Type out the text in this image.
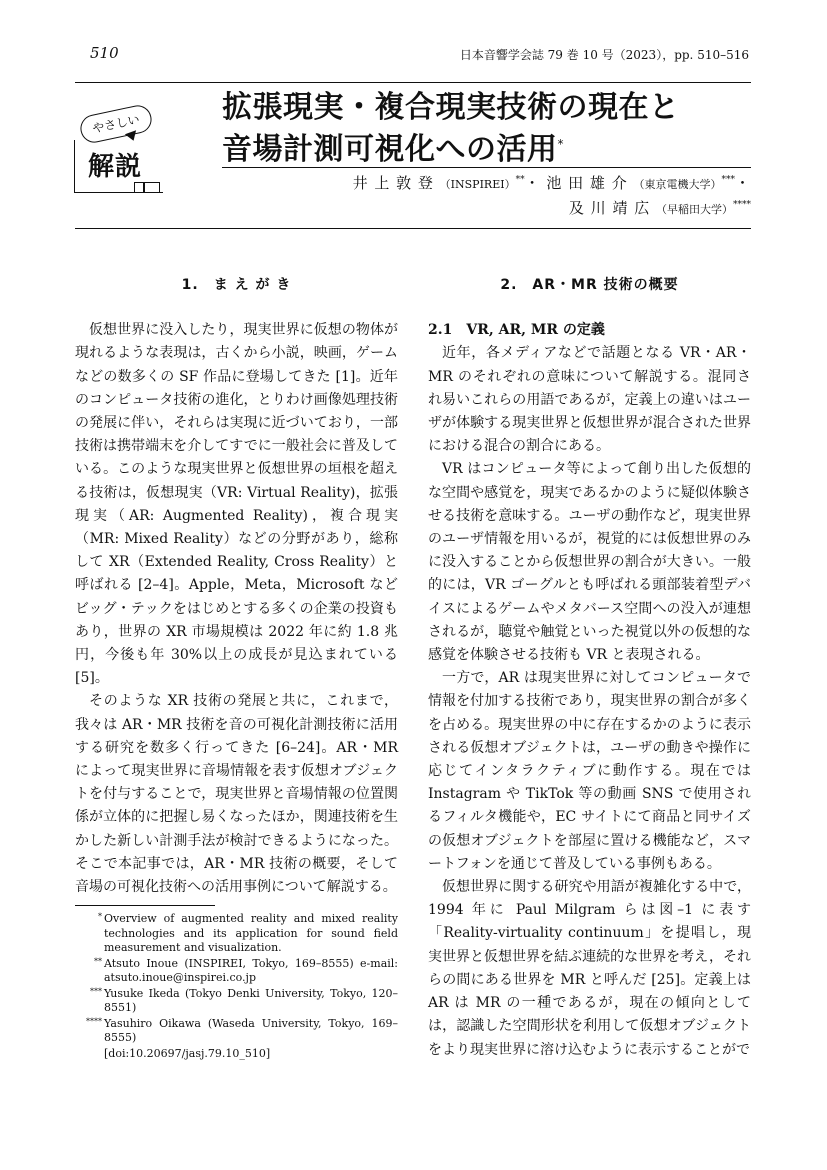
510	日本音響学会誌 79 巻 10 号（2023），pp. 510–516
やさしい
解説
拡張現実・複合現実技術の現在と
音場計測可視化への活用*
井 上 敦 登 （INSPIREI）**・ 池 田 雄 介 （東京電機大学）***・
及 川 靖 広 （早稲田大学）****
1.　ま え が き

仮想世界に没入したり，現実世界に仮想の物体が現れるような表現は，古くから小説，映画，ゲームなどの数多くの SF 作品に登場してきた [1]。近年のコンピュータ技術の進化，とりわけ画像処理技術の発展に伴い，それらは実現に近づいており，一部技術は携帯端末を介してすでに一般社会に普及している。このような現実世界と仮想世界の垣根を超える技術は，仮想現実（VR: Virtual Reality)，拡張現実（AR: Augmented Reality)，複合現実（MR: Mixed Reality）などの分野があり，総称して XR（Extended Reality, Cross Reality）と呼ばれる [2–4]。Apple，Meta，Microsoft などビッグ・テックをはじめとする多くの企業の投資もあり，世界の XR 市場規模は 2022 年に約 1.8 兆円，今後も年 30%以上の成長が見込まれている [5]。

そのような XR 技術の発展と共に，これまで，我々は AR・MR 技術を音の可視化計測技術に活用する研究を数多く行ってきた [6–24]。AR・MR によって現実世界に音場情報を表す仮想オブジェクトを付与することで，現実世界と音場情報の位置関係が立体的に把握し易くなったほか，関連技術を生かした新しい計測手法が検討できるようになった。そこで本記事では，AR・MR 技術の概要，そして音場の可視化技術への活用事例について解説する。

* Overview of augmented reality and mixed reality technologies and its application for sound field measurement and visualization.
** Atsuto Inoue (INSPIREI, Tokyo, 169–8555) e-mail: atsuto.inoue@inspirei.co.jp
*** Yusuke Ikeda (Tokyo Denki University, Tokyo, 120–8551)
**** Yasuhiro Oikawa (Waseda University, Tokyo, 169–8555)
[doi:10.20697/jasj.79.10_510]
2.　AR・MR 技術の概要
2.1　VR, AR, MR の定義

近年，各メディアなどで話題となる VR・AR・MR のそれぞれの意味について解説する。混同され易いこれらの用語であるが，定義上の違いはユーザが体験する現実世界と仮想世界が混合された世界における混合の割合にある。

VR はコンピュータ等によって創り出した仮想的な空間や感覚を，現実であるかのように疑似体験させる技術を意味する。ユーザの動作など，現実世界のユーザ情報を用いるが，視覚的には仮想世界のみに没入することから仮想世界の割合が大きい。一般的には，VR ゴーグルとも呼ばれる頭部装着型デバイスによるゲームやメタバース空間への没入が連想されるが，聴覚や触覚といった視覚以外の仮想的な感覚を体験させる技術も VR と表現される。

一方で，AR は現実世界に対してコンピュータで情報を付加する技術であり，現実世界の割合が多くを占める。現実世界の中に存在するかのように表示される仮想オブジェクトは，ユーザの動きや操作に応じてインタラクティブに動作する。現在では Instagram や TikTok 等の動画 SNS で使用されるフィルタ機能や，EC サイトにて商品と同サイズの仮想オブジェクトを部屋に置ける機能など，スマートフォンを通じて普及している事例もある。

仮想世界に関する研究や用語が複雑化する中で，1994 年に Paul Milgram らは図–1 に表す「Reality-virtuality continuum」を提唱し，現実世界と仮想世界を結ぶ連続的な世界を考え，それらの間にある世界を MR と呼んだ [25]。定義上は AR は MR の一種であるが，現在の傾向としては，認識した空間形状を利用して仮想オブジェクトをより現実世界に溶け込むように表示することがで
